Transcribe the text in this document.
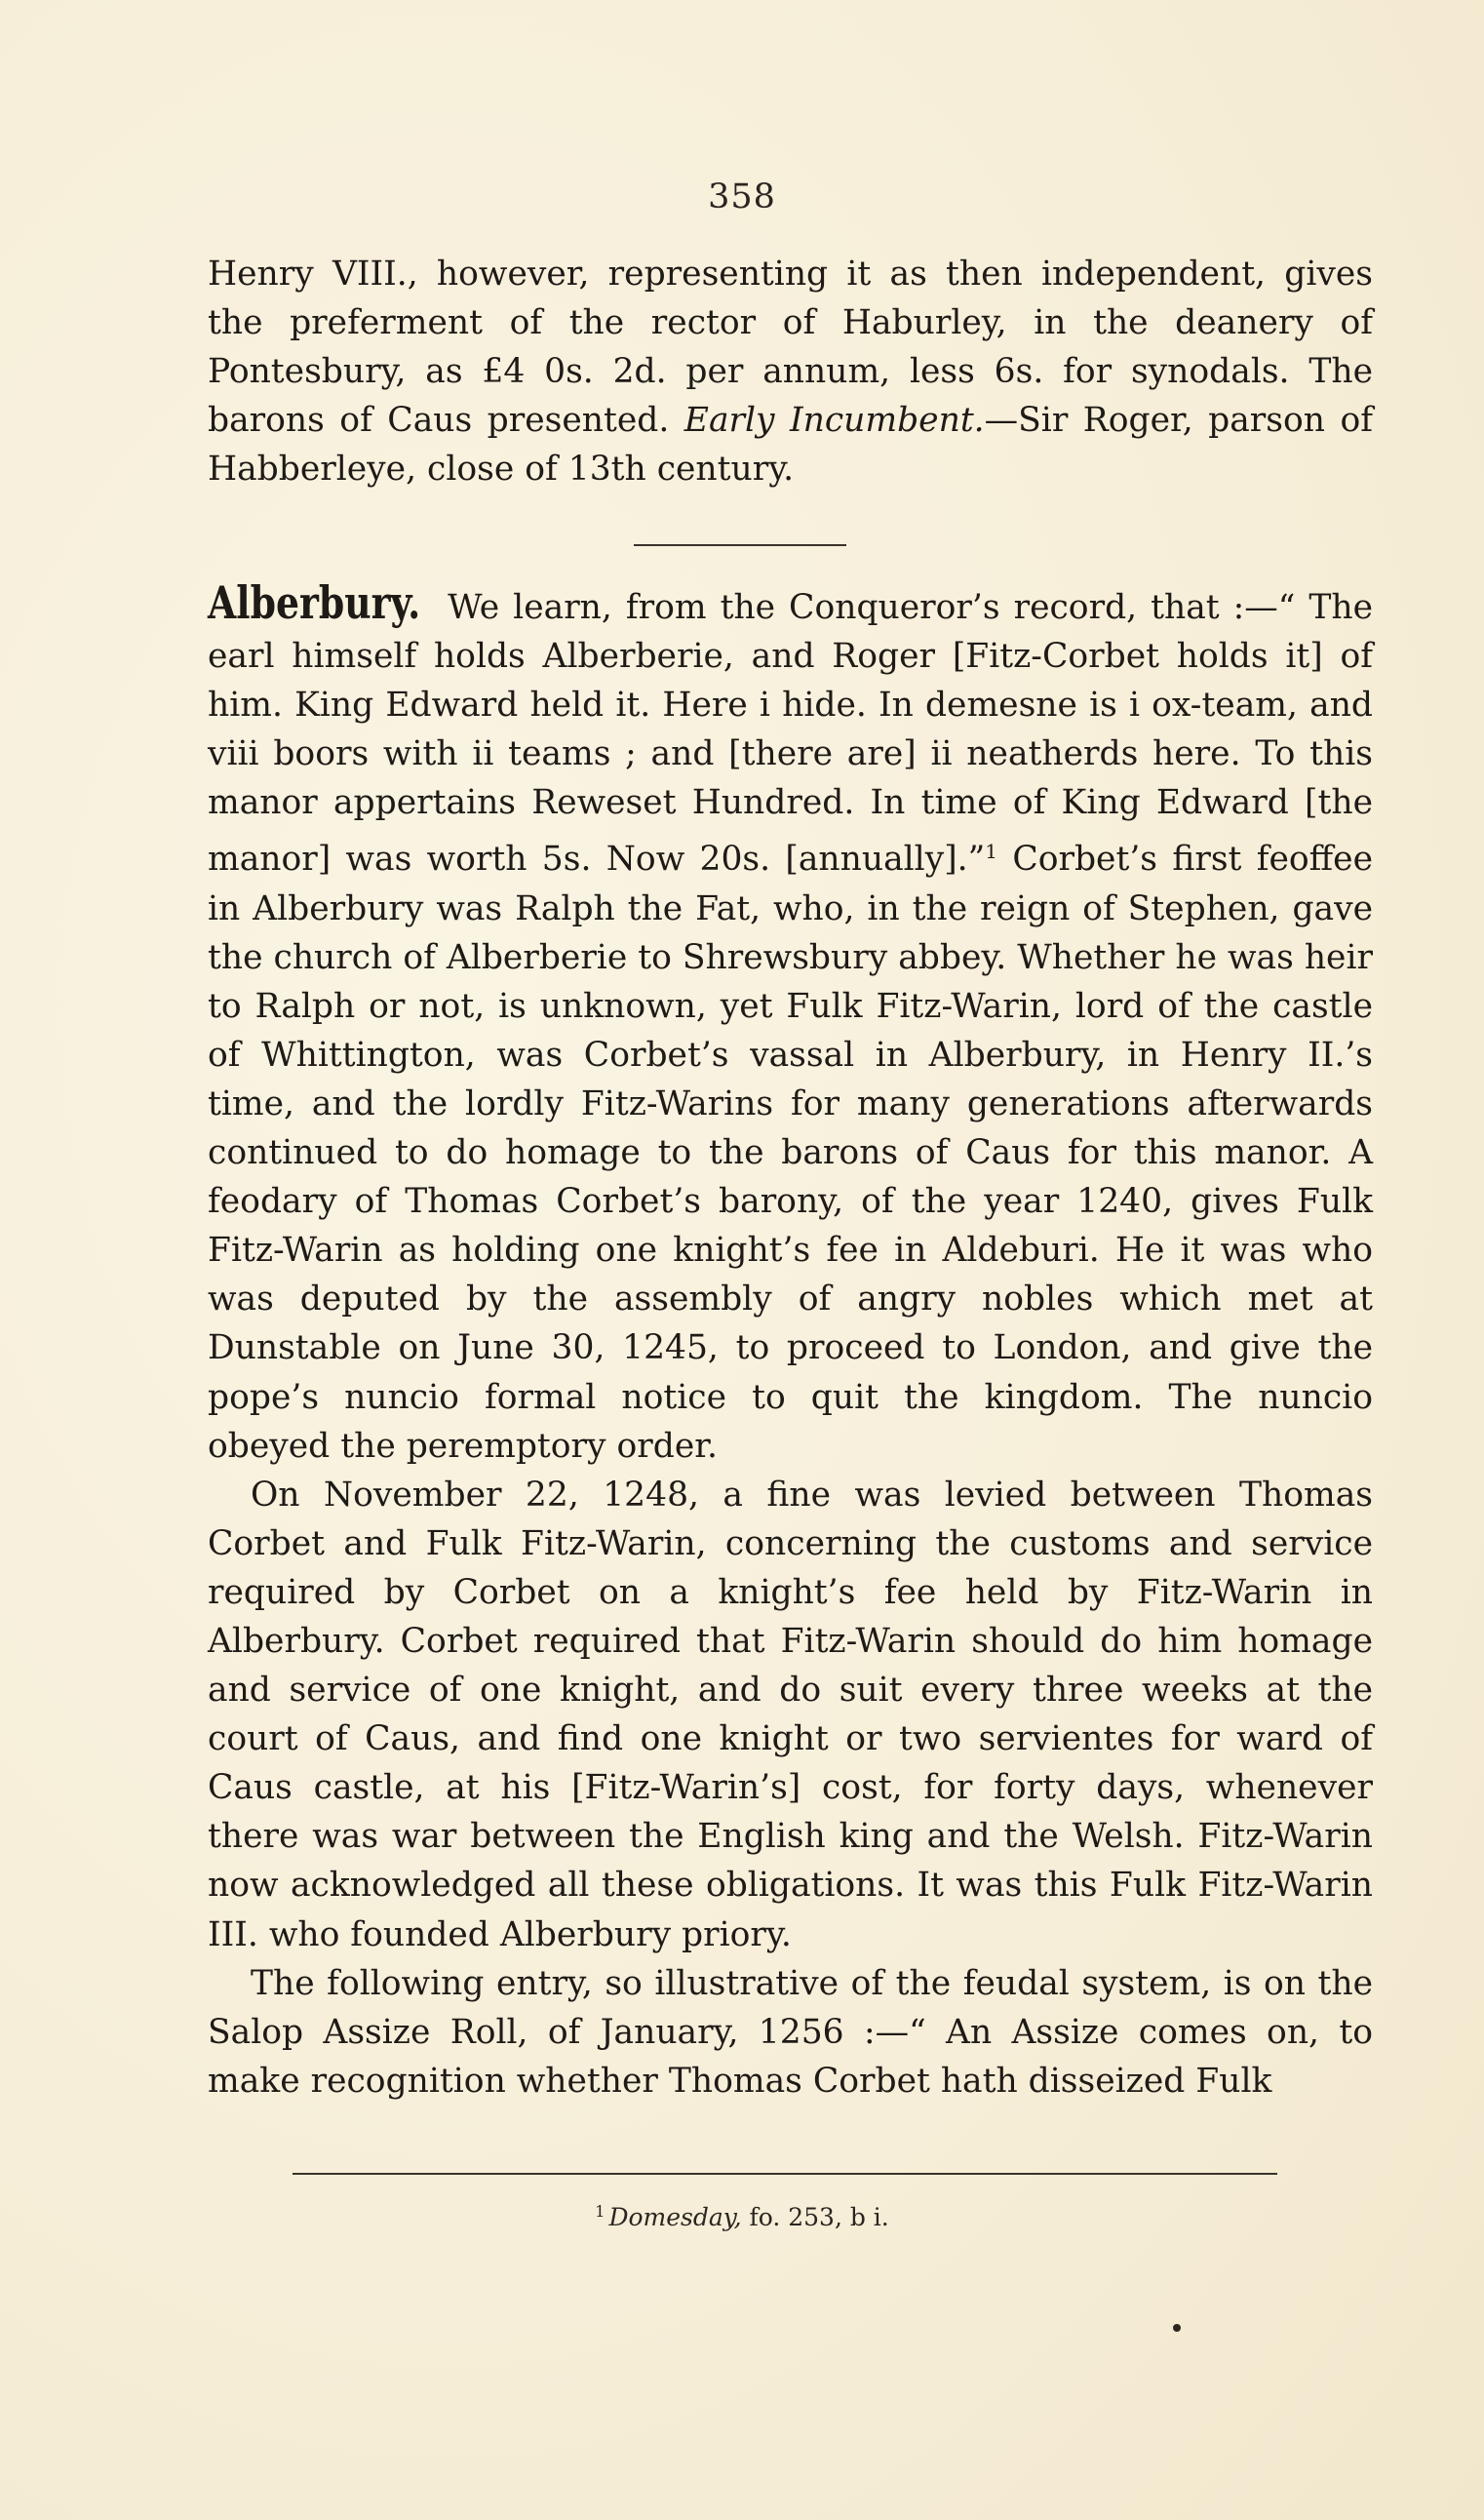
358

Henry VIII., however, representing it as then independent, gives the preferment of the rector of Haburley, in the deanery of Pontesbury, as £4 0s. 2d. per annum, less 6s. for synodals. The barons of Caus presented. Early Incumbent.—Sir Roger, parson of Habberleye, close of 13th century.

Alberbury. We learn, from the Conqueror’s record, that :—“ The earl himself holds Alberberie, and Roger [Fitz-Corbet holds it] of him. King Edward held it. Here i hide. In demesne is i ox-team, and viii boors with ii teams ; and [there are] ii neatherds here. To this manor appertains Reweset Hundred. In time of King Edward [the manor] was worth 5s. Now 20s. [annually].”$^1$ Corbet’s first feoffee in Alberbury was Ralph the Fat, who, in the reign of Stephen, gave the church of Alberberie to Shrewsbury abbey. Whether he was heir to Ralph or not, is unknown, yet Fulk Fitz-Warin, lord of the castle of Whittington, was Corbet’s vassal in Alberbury, in Henry II.’s time, and the lordly Fitz-Warins for many generations afterwards continued to do homage to the barons of Caus for this manor. A feodary of Thomas Corbet’s barony, of the year 1240, gives Fulk Fitz-Warin as holding one knight’s fee in Aldeburi. He it was who was deputed by the assembly of angry nobles which met at Dunstable on June 30, 1245, to proceed to London, and give the pope’s nuncio formal notice to quit the kingdom. The nuncio obeyed the peremptory order.

On November 22, 1248, a fine was levied between Thomas Corbet and Fulk Fitz-Warin, concerning the customs and service required by Corbet on a knight’s fee held by Fitz-Warin in Alberbury. Corbet required that Fitz-Warin should do him homage and service of one knight, and do suit every three weeks at the court of Caus, and find one knight or two servientes for ward of Caus castle, at his [Fitz-Warin’s] cost, for forty days, whenever there was war between the English king and the Welsh. Fitz-Warin now acknowledged all these obligations. It was this Fulk Fitz-Warin III. who founded Alberbury priory.

The following entry, so illustrative of the feudal system, is on the Salop Assize Roll, of January, 1256 :—“ An Assize comes on, to make recognition whether Thomas Corbet hath disseized Fulk

$^1$ Domesday, fo. 253, b i.
